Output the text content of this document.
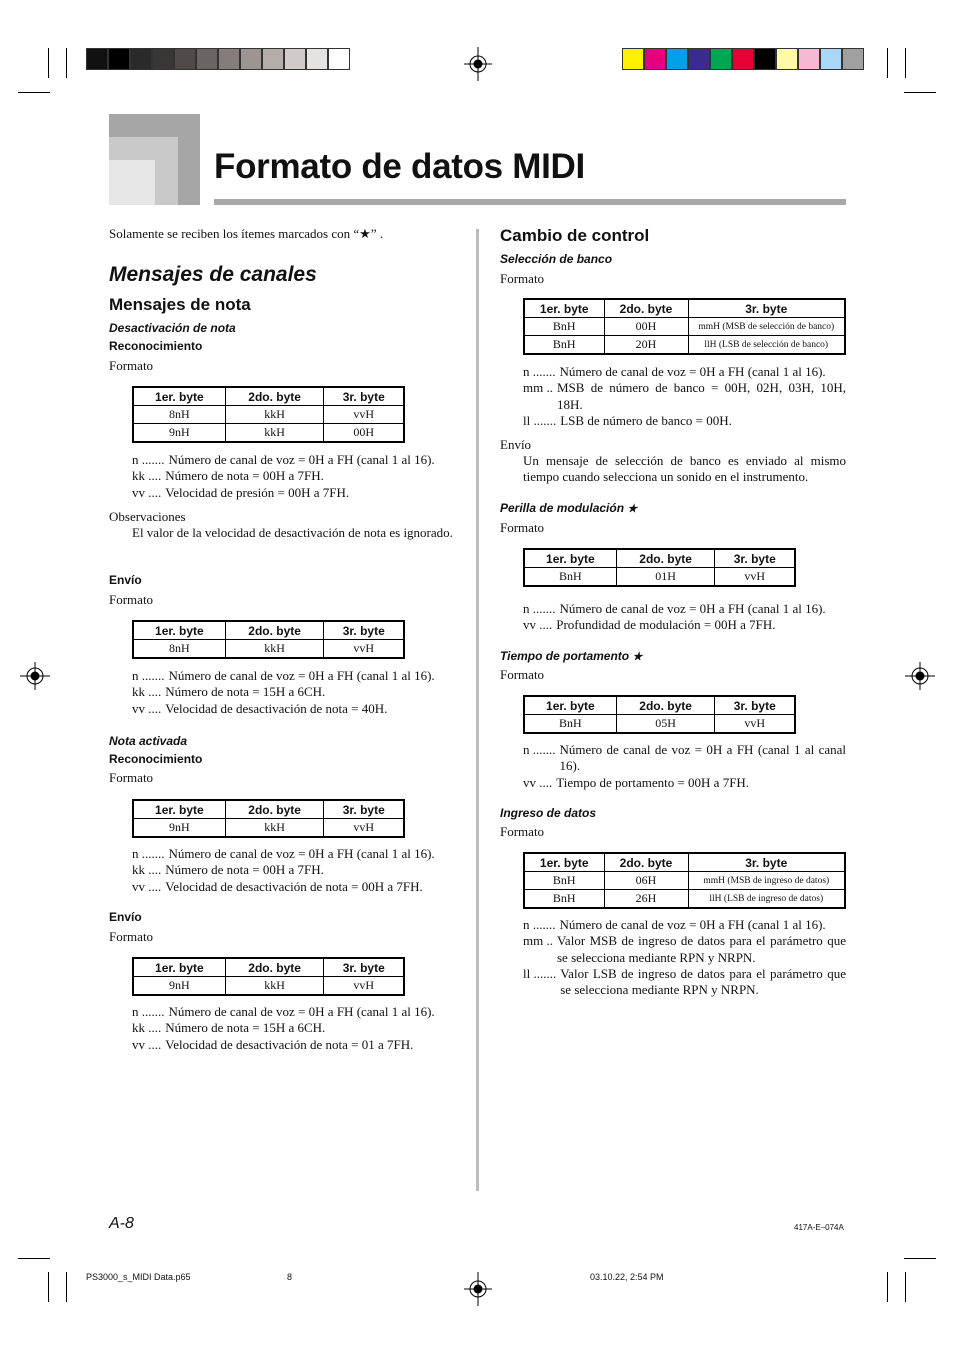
Formato de datos MIDI
Solamente se reciben los ítemes marcados con “★” .
Mensajes de canales
Mensajes de nota
Desactivación de nota
Reconocimiento
Formato
1er. byte	2do. byte	3r. byte
8nH	kkH	vvH
9nH	kkH	00H
n ....... Número de canal de voz = 0H a FH (canal 1 al 16).
kk .... Número de nota = 00H a 7FH.
vv .... Velocidad de presión = 00H a 7FH.
Observaciones
El valor de la velocidad de desactivación de nota es ignorado.
Envío
Formato
1er. byte	2do. byte	3r. byte
8nH	kkH	vvH
n ....... Número de canal de voz = 0H a FH (canal 1 al 16).
kk .... Número de nota = 15H a 6CH.
vv .... Velocidad de desactivación de nota = 40H.
Nota activada
Reconocimiento
Formato
1er. byte	2do. byte	3r. byte
9nH	kkH	vvH
n ....... Número de canal de voz = 0H a FH (canal 1 al 16).
kk .... Número de nota = 00H a 7FH.
vv .... Velocidad de desactivación de nota = 00H a 7FH.
Envío
Formato
1er. byte	2do. byte	3r. byte
9nH	kkH	vvH
n ....... Número de canal de voz = 0H a FH (canal 1 al 16).
kk .... Número de nota = 15H a 6CH.
vv .... Velocidad de desactivación de nota = 01 a 7FH.
Cambio de control
Selección de banco
Formato
1er. byte	2do. byte	3r. byte
BnH	00H	mmH (MSB de selección de banco)
BnH	20H	llH (LSB de selección de banco)
n ....... Número de canal de voz = 0H a FH (canal 1 al 16).
mm .. MSB de número de banco = 00H, 02H, 03H, 10H, 18H.
ll ....... LSB de número de banco = 00H.
Envío
Un mensaje de selección de banco es enviado al mismo tiempo cuando selecciona un sonido en el instrumento.
Perilla de modulación ★
Formato
1er. byte	2do. byte	3r. byte
BnH	01H	vvH
n ....... Número de canal de voz = 0H a FH (canal 1 al 16).
vv .... Profundidad de modulación = 00H a 7FH.
Tiempo de portamento ★
Formato
1er. byte	2do. byte	3r. byte
BnH	05H	vvH
n ....... Número de canal de voz = 0H a FH (canal 1 al canal 16).
vv .... Tiempo de portamento = 00H a 7FH.
Ingreso de datos
Formato
1er. byte	2do. byte	3r. byte
BnH	06H	mmH (MSB de ingreso de datos)
BnH	26H	llH (LSB de ingreso de datos)
n ....... Número de canal de voz = 0H a FH (canal 1 al 16).
mm .. Valor MSB de ingreso de datos para el parámetro que se selecciona mediante RPN y NRPN.
ll ....... Valor LSB de ingreso de datos para el parámetro que se selecciona mediante RPN y NRPN.
A-8	417A-E–074A
PS3000_s_MIDI Data.p65	8	03.10.22, 2:54 PM
